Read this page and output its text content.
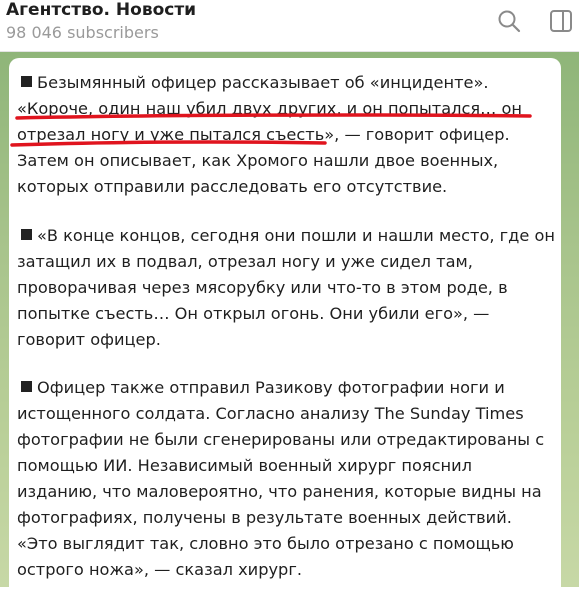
Агентство. Новости
98 046 subscribers

Безымянный офицер рассказывает об «инциденте». «Короче, один наш убил двух других, и он попытался… он отрезал ногу и уже пытался съесть», — говорит офицер. Затем он описывает, как Хромого нашли двое военных, которых отправили расследовать его отсутствие.

«В конце концов, сегодня они пошли и нашли место, где он затащил их в подвал, отрезал ногу и уже сидел там, проворачивая через мясорубку или что-то в этом роде, в попытке съесть… Он открыл огонь. Они убили его», — говорит офицер.

Офицер также отправил Разикову фотографии ноги и истощенного солдата. Согласно анализу The Sunday Times фотографии не были сгенерированы или отредактированы с помощью ИИ. Независимый военный хирург пояснил изданию, что маловероятно, что ранения, которые видны на фотографиях, получены в результате военных действий. «Это выглядит так, словно это было отрезано с помощью острого ножа», — сказал хирург.
